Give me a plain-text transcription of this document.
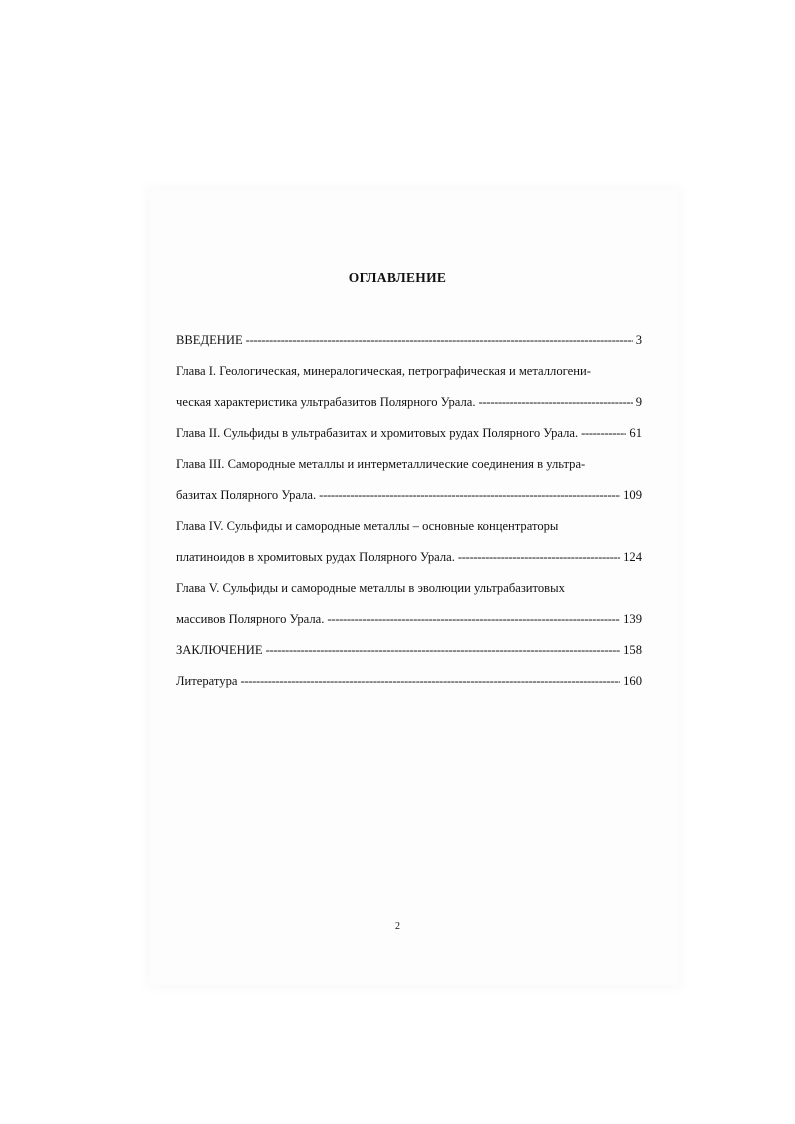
ОГЛАВЛЕНИЕ
ВВЕДЕНИЕ -----	3
Глава I. Геологическая, минералогическая, петрографическая и металлогени-
ческая характеристика ультрабазитов Полярного Урала. -----	9
Глава II. Сульфиды в ультрабазитах и хромитовых рудах Полярного Урала. -----	61
Глава III. Самородные металлы и интерметаллические соединения в ультра-
базитах Полярного Урала. -----	109
Глава IV. Сульфиды и самородные металлы – основные концентраторы
платиноидов в хромитовых рудах Полярного Урала. -----	124
Глава V. Сульфиды и самородные металлы в эволюции ультрабазитовых
массивов Полярного Урала. -----	139
ЗАКЛЮЧЕНИЕ -----	158
Литература -----	160
2
